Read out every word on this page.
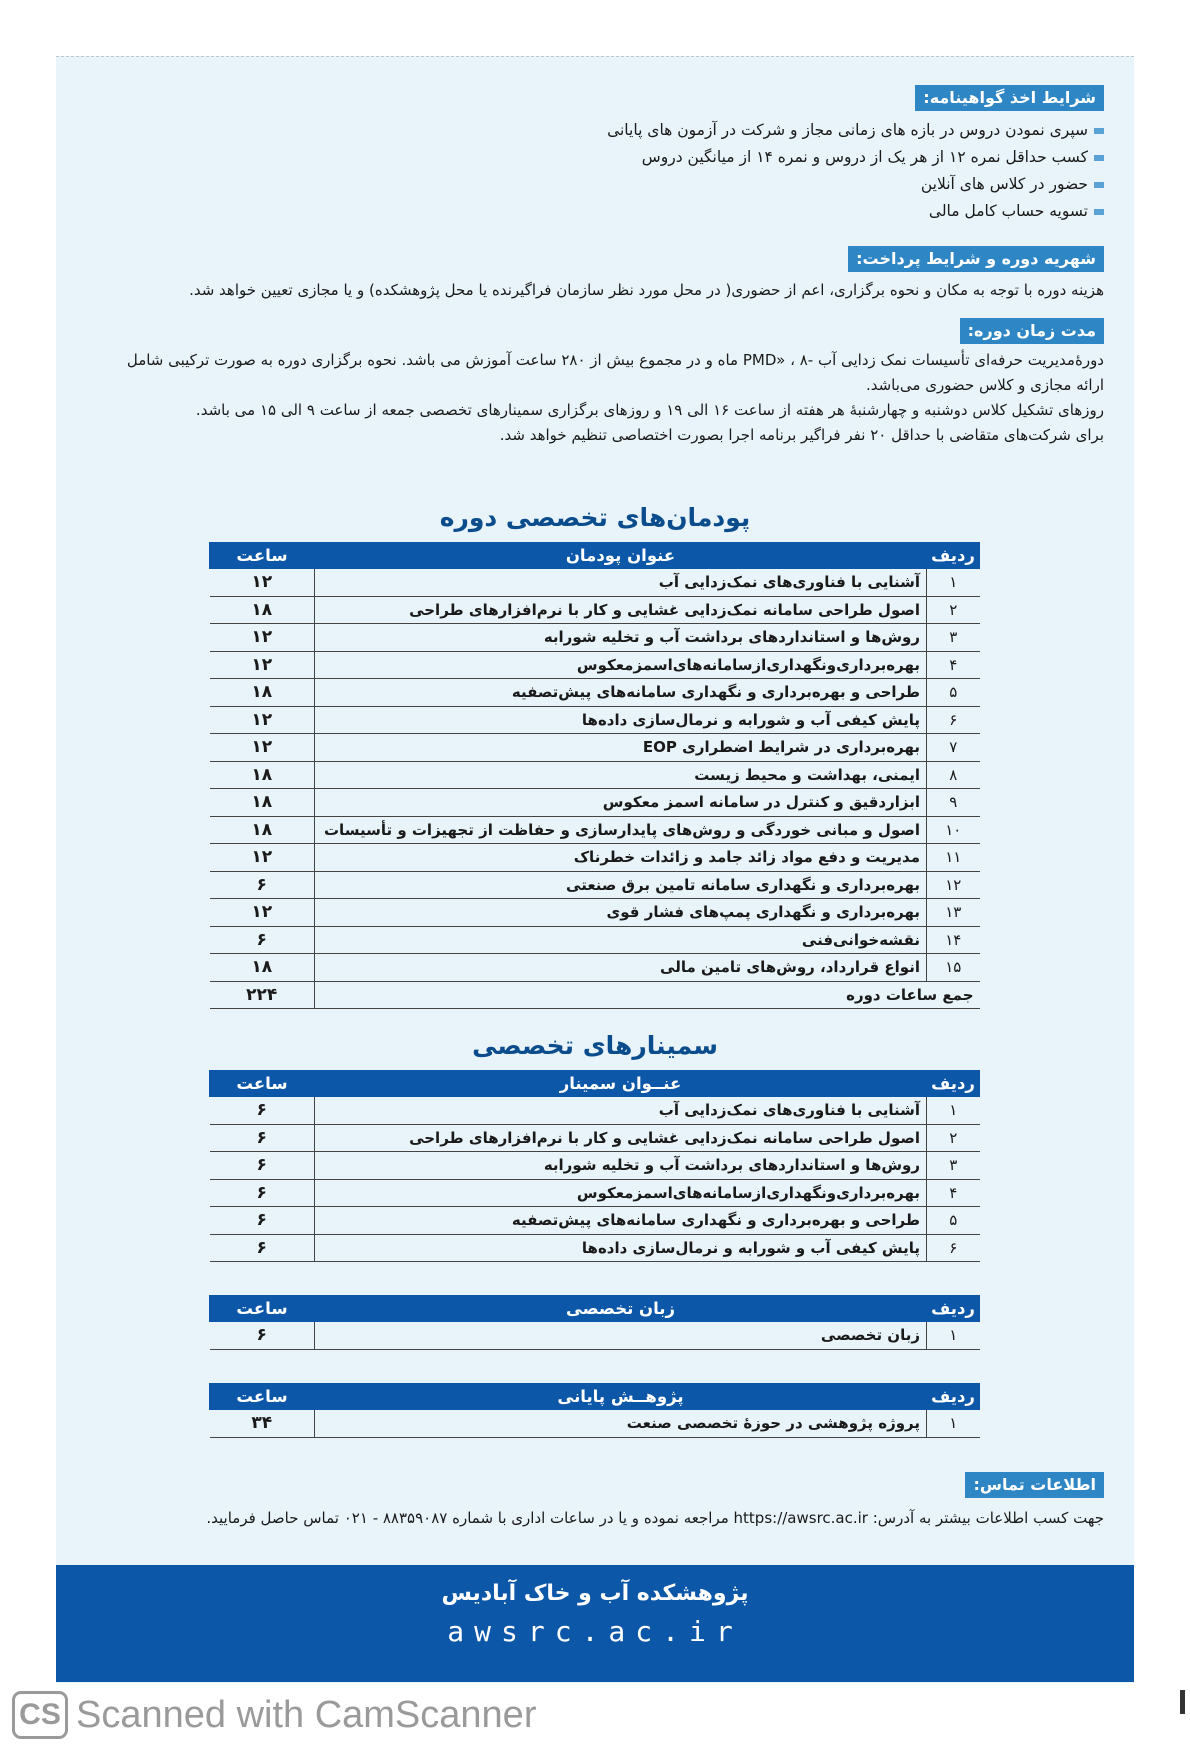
شرایط اخذ گواهینامه:
سپری نمودن دروس در بازه های زمانی مجاز و شرکت در آزمون های پایانی
کسب حداقل نمره ۱۲ از هر یک از دروس و نمره ۱۴ از میانگین دروس
حضور در کلاس های آنلاین
تسویه حساب کامل مالی
شهریه دوره و شرایط پرداخت:
هزینه دوره با توجه به مکان و نحوه برگزاری، اعم از حضوری( در محل مورد نظر سازمان فراگیرنده یا محل پژوهشکده) و یا مجازی تعیین خواهد شد.
مدت زمان دوره:
دورۀمدیریت حرفه‌ای تأسیسات نمک زدایی آب -PMD» ، ۸ ماه و در مجموع بیش از ۲۸۰ ساعت آموزش می باشد. نحوه برگزاری دوره به صورت ترکیبی شامل
ارائه مجازی و کلاس حضوری می‌باشد.
روزهای تشکیل کلاس دوشنبه و چهارشنبۀ هر هفته از ساعت ۱۶ الی ۱۹ و روزهای برگزاری سمینارهای تخصصی جمعه از ساعت ۹ الی ۱۵ می باشد.
برای شرکت‌های متقاضی با حداقل ۲۰ نفر فراگیر برنامه اجرا بصورت اختصاصی تنظیم خواهد شد.
پودمان‌های تخصصی دوره
ردیف	عنوان پودمان	ساعت
۱	آشنایی با فناوری‌های نمک‌زدایی آب	۱۲
۲	اصول طراحی سامانه نمک‌زدایی غشایی و کار با نرم‌افزارهای طراحی	۱۸
۳	روش‌ها و استانداردهای برداشت آب و تخلیه شورابه	۱۲
۴	بهره‌برداری‌ونگهداری‌از‌سامانه‌های‌اسمز‌معکوس	۱۲
۵	طراحی و بهره‌برداری و نگهداری سامانه‌های پیش‌تصفیه	۱۸
۶	پایش کیفی آب و شورابه و نرمال‌سازی داده‌ها	۱۲
۷	بهره‌برداری در شرایط اضطراری EOP	۱۲
۸	ایمنی، بهداشت و محیط زیست	۱۸
۹	ابزاردقیق و کنترل در سامانه اسمز معکوس	۱۸
۱۰	اصول و مبانی خوردگی و روش‌های پایدارسازی و حفاظت از تجهیزات و تأسیسات	۱۸
۱۱	مدیریت و دفع مواد زائد جامد و زائدات خطرناک	۱۲
۱۲	بهره‌برداری و نگهداری سامانه تامین برق صنعتی	۶
۱۳	بهره‌برداری و نگهداری پمپ‌های فشار قوی	۱۲
۱۴	نقشه‌خوانی‌فنی	۶
۱۵	انواع قرارداد، روش‌های تامین مالی	۱۸
جمع ساعات دوره		۲۲۴
سمینارهای تخصصی
ردیف	عنــوان سمینار	ساعت
۱	آشنایی با فناوری‌های نمک‌زدایی آب	۶
۲	اصول طراحی سامانه نمک‌زدایی غشایی و کار با نرم‌افزارهای طراحی	۶
۳	روش‌ها و استانداردهای برداشت آب و تخلیه شورابه	۶
۴	بهره‌برداری‌ونگهداری‌از‌سامانه‌های‌اسمز‌معکوس	۶
۵	طراحی و بهره‌برداری و نگهداری سامانه‌های پیش‌تصفیه	۶
۶	پایش کیفی آب و شورابه و نرمال‌سازی داده‌ها	۶
ردیف	زبان تخصصی	ساعت
۱	زبان تخصصی	۶
ردیف	پژوهــش پایانی	ساعت
۱	پروژه پژوهشی در حوزۀ تخصصی صنعت	۳۴
اطلاعات تماس:
جهت کسب اطلاعات بیشتر به آدرس: https://awsrc.ac.ir مراجعه نموده و یا در ساعات اداری با شماره ۸۸۳۵۹۰۸۷ - ۰۲۱ تماس حاصل فرمایید.
پژوهشکده آب و خاک آبادیس
awsrc.ac.ir
CS Scanned with CamScanner
